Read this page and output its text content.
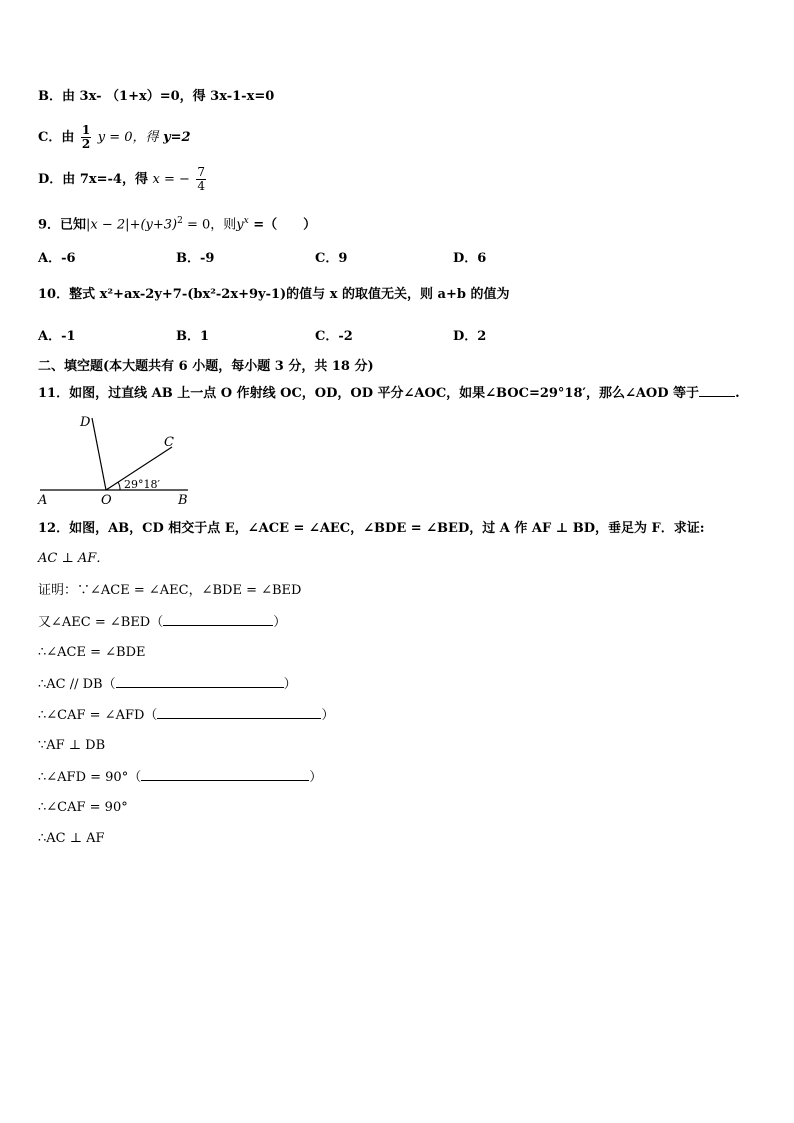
B．由 3x- （1+x）=0，得 3x-1-x=0
C．由 $\frac{1}{2}$ y = 0，得 y=2
D．由 7x=-4，得 x = − $\frac{7}{4}$
9．已知$|x - 2|+(y+3)^2 = 0$，则$y^x$ =（　　）
A．-6	B．-9	C．9	D．6
10．整式 x²+ax-2y+7-(bx²-2x+9y-1)的值与 x 的取值无关，则 a+b 的值为
A．-1	B．1	C．-2	D．2
二、填空题(本大题共有 6 小题，每小题 3 分，共 18 分)
11．如图，过直线 AB 上一点 O 作射线 OC，OD，OD 平分∠AOC，如果∠BOC=29°18′，那么∠AOD 等于	.
D
C
29°18′
A	O	B
12．如图，AB，CD 相交于点 E，∠ACE = ∠AEC，∠BDE = ∠BED，过 A 作 AF ⊥ BD，垂足为 F．求证:
AC ⊥ AF．
证明：∵∠ACE = ∠AEC，∠BDE = ∠BED
又∠AEC = ∠BED（	）
∴∠ACE = ∠BDE
∴AC // DB（	）
∴∠CAF = ∠AFD（	）
∵AF ⊥ DB
∴∠AFD = 90°（	）
∴∠CAF = 90°
∴AC ⊥ AF
